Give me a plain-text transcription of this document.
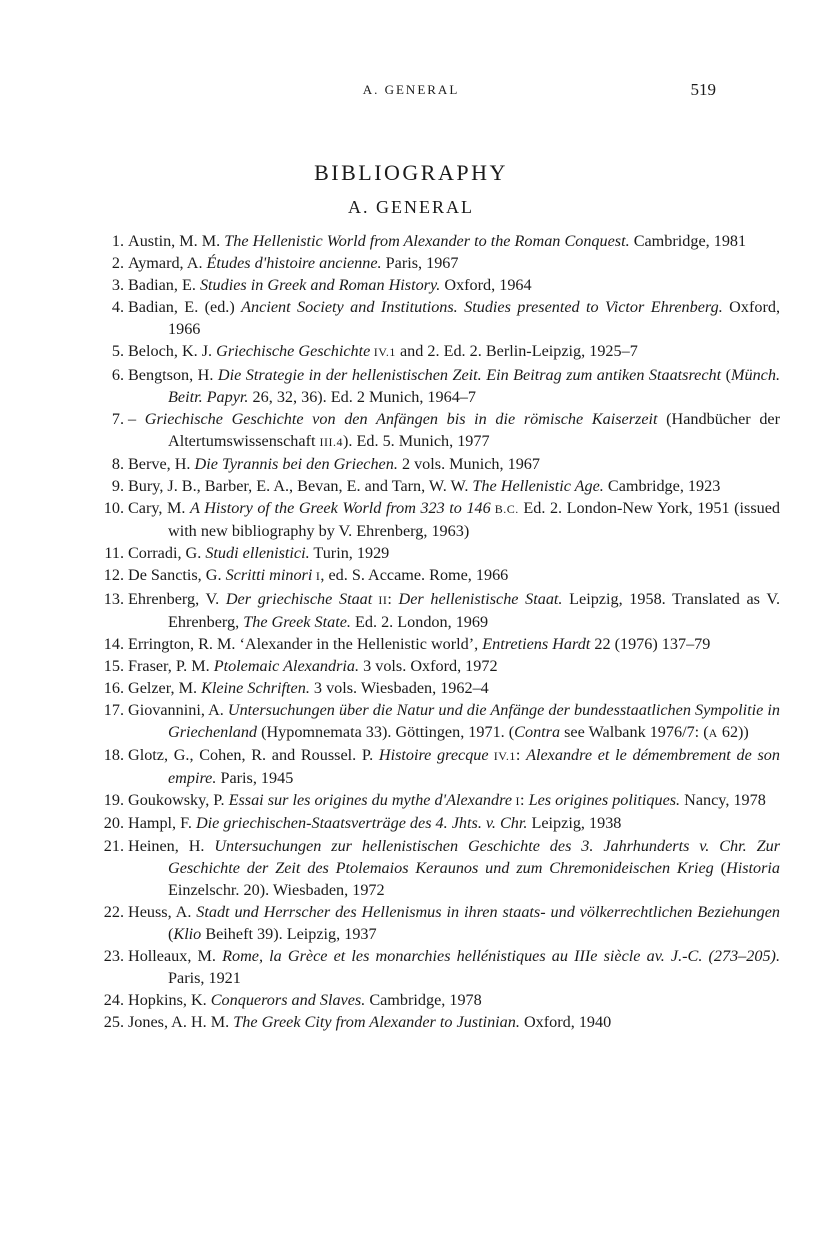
A. GENERAL	519
BIBLIOGRAPHY
A. GENERAL
1. Austin, M. M. The Hellenistic World from Alexander to the Roman Conquest. Cambridge, 1981
2. Aymard, A. Études d'histoire ancienne. Paris, 1967
3. Badian, E. Studies in Greek and Roman History. Oxford, 1964
4. Badian, E. (ed.) Ancient Society and Institutions. Studies presented to Victor Ehrenberg. Oxford, 1966
5. Beloch, K. J. Griechische Geschichte IV.1 and 2. Ed. 2. Berlin-Leipzig, 1925–7
6. Bengtson, H. Die Strategie in der hellenistischen Zeit. Ein Beitrag zum antiken Staatsrecht (Münch. Beitr. Papyr. 26, 32, 36). Ed. 2 Munich, 1964–7
7. – Griechische Geschichte von den Anfängen bis in die römische Kaiserzeit (Handbücher der Altertumswissenschaft III.4). Ed. 5. Munich, 1977
8. Berve, H. Die Tyrannis bei den Griechen. 2 vols. Munich, 1967
9. Bury, J. B., Barber, E. A., Bevan, E. and Tarn, W. W. The Hellenistic Age. Cambridge, 1923
10. Cary, M. A History of the Greek World from 323 to 146 B.C. Ed. 2. London-New York, 1951 (issued with new bibliography by V. Ehrenberg, 1963)
11. Corradi, G. Studi ellenistici. Turin, 1929
12. De Sanctis, G. Scritti minori I, ed. S. Accame. Rome, 1966
13. Ehrenberg, V. Der griechische Staat II: Der hellenistische Staat. Leipzig, 1958. Translated as V. Ehrenberg, The Greek State. Ed. 2. London, 1969
14. Errington, R. M. ‘Alexander in the Hellenistic world’, Entretiens Hardt 22 (1976) 137–79
15. Fraser, P. M. Ptolemaic Alexandria. 3 vols. Oxford, 1972
16. Gelzer, M. Kleine Schriften. 3 vols. Wiesbaden, 1962–4
17. Giovannini, A. Untersuchungen über die Natur und die Anfänge der bundesstaatlichen Sympolitie in Griechenland (Hypomnemata 33). Göttingen, 1971. (Contra see Walbank 1976/7: (A 62))
18. Glotz, G., Cohen, R. and Roussel. P. Histoire grecque IV.1: Alexandre et le démembrement de son empire. Paris, 1945
19. Goukowsky, P. Essai sur les origines du mythe d'Alexandre I: Les origines politiques. Nancy, 1978
20. Hampl, F. Die griechischen-Staatsverträge des 4. Jhts. v. Chr. Leipzig, 1938
21. Heinen, H. Untersuchungen zur hellenistischen Geschichte des 3. Jahrhunderts v. Chr. Zur Geschichte der Zeit des Ptolemaios Keraunos und zum Chremonideischen Krieg (Historia Einzelschr. 20). Wiesbaden, 1972
22. Heuss, A. Stadt und Herrscher des Hellenismus in ihren staats- und völkerrechtlichen Beziehungen (Klio Beiheft 39). Leipzig, 1937
23. Holleaux, M. Rome, la Grèce et les monarchies hellénistiques au IIIe siècle av. J.-C. (273–205). Paris, 1921
24. Hopkins, K. Conquerors and Slaves. Cambridge, 1978
25. Jones, A. H. M. The Greek City from Alexander to Justinian. Oxford, 1940
